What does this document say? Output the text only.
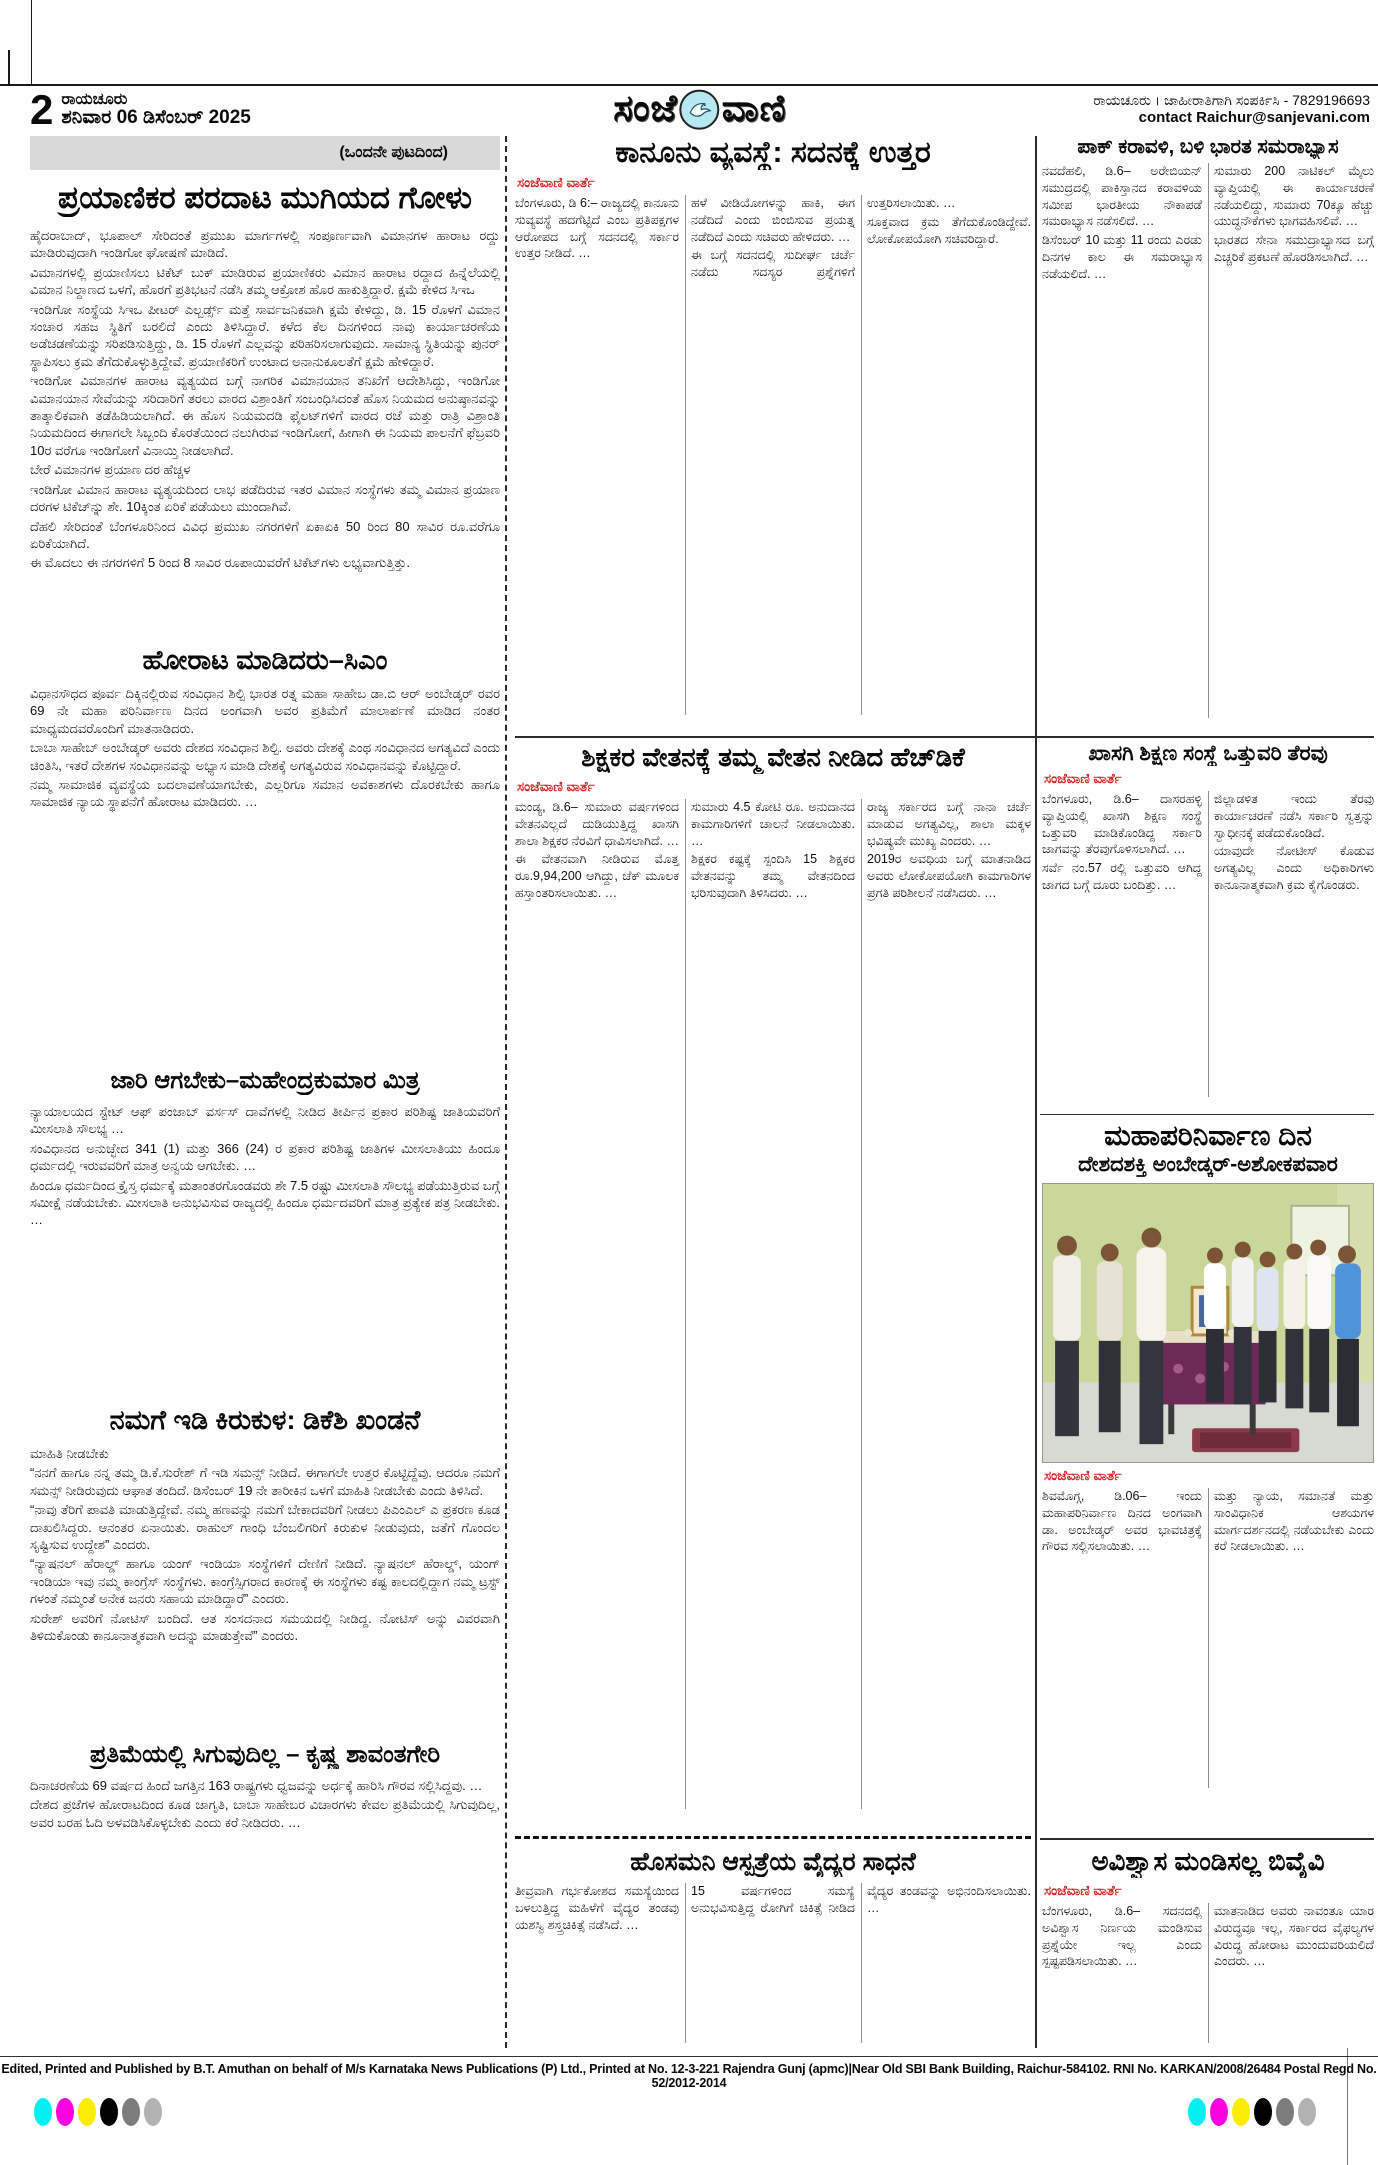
2 ರಾಯಚೂರು
ಶನಿವಾರ 06 ಡಿಸೆಂಬರ್ 2025	ಸಂಜೆ ವಾಣಿ	ರಾಯಚೂರು । ಜಾಹೀರಾತಿಗಾಗಿ ಸಂಪರ್ಕಿಸಿ - 7829196693
contact Raichur@sanjevani.com
(ಒಂದನೇ ಪುಟದಿಂದ)
ಪ್ರಯಾಣಿಕರ ಪರದಾಟ ಮುಗಿಯದ ಗೋಳು

ಹೈದರಾಬಾದ್, ಭೂಪಾಲ್ ಸೇರಿದಂತೆ ಪ್ರಮುಖ ಮಾರ್ಗಗಳಲ್ಲಿ ಸಂಪೂರ್ಣವಾಗಿ ವಿಮಾನಗಳ ಹಾರಾಟ ರದ್ದು ಮಾಡಿರುವುದಾಗಿ ಇಂಡಿಗೋ ಘೋಷಣೆ ಮಾಡಿದೆ.

ವಿಮಾನಗಳಲ್ಲಿ ಪ್ರಯಾಣಿಸಲು ಟಿಕೆಟ್ ಬುಕ್ ಮಾಡಿರುವ ಪ್ರಯಾಣಿಕರು ವಿಮಾನ ಹಾರಾಟ ರದ್ದಾದ ಹಿನ್ನೆಲೆಯಲ್ಲಿ ವಿಮಾನ ನಿಲ್ದಾಣದ ಒಳಗೆ, ಹೊರಗೆ ಪ್ರತಿಭಟನೆ ನಡೆಸಿ ತಮ್ಮ ಆಕ್ರೋಶ ಹೊರ ಹಾಕುತ್ತಿದ್ದಾರೆ. ಕ್ಷಮೆ ಕೇಳಿದ ಸಿಇಒ

ಇಂಡಿಗೋ ಸಂಸ್ಥೆಯ ಸಿಇಒ ಪೀಟರ್ ಎಲ್ಬರ್ಡ್ಸ್ ಮತ್ತೆ ಸಾರ್ವಜನಿಕವಾಗಿ ಕ್ಷಮೆ ಕೇಳಿದ್ದು, ಡಿ. 15 ರೊಳಗೆ ವಿಮಾನ ಸಂಚಾರ ಸಹಜ ಸ್ಥಿತಿಗೆ ಬರಲಿದೆ ಎಂದು ತಿಳಿಸಿದ್ದಾರೆ. ಕಳೆದ ಕೆಲ ದಿನಗಳಿಂದ ನಾವು ಕಾರ್ಯಾಚರಣೆಯ ಅಡೆಚಡಣೆಯನ್ನು ಸರಿಪಡಿಸುತ್ತಿದ್ದು, ಡಿ. 15 ರೊಳಗೆ ಎಲ್ಲವನ್ನು ಪರಿಹರಿಸಲಾಗುವುದು. ಸಾಮಾನ್ಯ ಸ್ಥಿತಿಯನ್ನು ಪುನರ್ ಸ್ಥಾಪಿಸಲು ಕ್ರಮ ತೆಗೆದುಕೊಳ್ಳುತ್ತಿದ್ದೇವೆ. ಪ್ರಯಾಣಿಕರಿಗೆ ಉಂಟಾದ ಅನಾನುಕೂಲತೆಗೆ ಕ್ಷಮೆ ಹೇಳಿದ್ದಾರೆ.

ಇಂಡಿಗೋ ವಿಮಾನಗಳ ಹಾರಾಟ ವ್ಯತ್ಯಯದ ಬಗ್ಗೆ ನಾಗರಿಕ ವಿಮಾನಯಾನ ತನಿಖೆಗೆ ಆದೇಶಿಸಿದ್ದು, ಇಂಡಿಗೋ ವಿಮಾನಯಾನ ಸೇವೆಯನ್ನು ಸರಿದಾರಿಗೆ ತರಲು ವಾರದ ವಿಶ್ರಾಂತಿಗೆ ಸಂಬಂಧಿಸಿದಂತೆ ಹೊಸ ನಿಯಮದ ಅನುಷ್ಠಾನವನ್ನು ತಾತ್ಕಾಲಿಕವಾಗಿ ತಡೆಹಿಡಿಯಲಾಗಿದೆ. ಈ ಹೊಸ ನಿಯಮದಡಿ ಫೈಲಟ್‌ಗಳಿಗೆ ವಾರದ ರಜೆ ಮತ್ತು ರಾತ್ರಿ ವಿಶ್ರಾಂತಿ ನಿಯಮದಿಂದ ಈಗಾಗಲೇ ಸಿಬ್ಬಂದಿ ಕೊರತೆಯಿಂದ ನಲುಗಿರುವ ಇಂಡಿಗೋಗೆ, ಹೀಗಾಗಿ ಈ ನಿಯಮ ಪಾಲನೆಗೆ ಫೆಬ್ರವರಿ 10ರ ವರೆಗೂ ಇಂಡಿಗೋಗೆ ವಿನಾಯ್ತಿ ನೀಡಲಾಗಿದೆ.

ಬೇರೆ ವಿಮಾನಗಳ ಪ್ರಯಾಣ ದರ ಹೆಚ್ಚಳ

ಇಂಡಿಗೋ ವಿಮಾನ ಹಾರಾಟ ವ್ಯತ್ಯಯದಿಂದ ಲಾಭ ಪಡೆದಿರುವ ಇತರ ವಿಮಾನ ಸಂಸ್ಥೆಗಳು ತಮ್ಮ ವಿಮಾನ ಪ್ರಯಾಣ ದರಗಳ ಟಿಕೆಚ್‌ನ್ನು ಶೇ. 10ಕ್ಕಿಂತ ಏರಿಕೆ ಪಡೆಯಲು ಮುಂದಾಗಿವೆ.

ದೆಹಲಿ ಸೇರಿದಂತೆ ಬೆಂಗಳೂರಿನಿಂದ ವಿವಿಧ ಪ್ರಮುಖ ನಗರಗಳಿಗೆ ಏಕಾಏಕಿ 50 ರಿಂದ 80 ಸಾವಿರ ರೂ.ವರೆಗೂ ಏರಿಕೆಯಾಗಿದೆ.

ಈ ಮೊದಲು ಈ ನಗರಗಳಿಗೆ 5 ರಿಂದ 8 ಸಾವಿರ ರೂಪಾಯಿವರೆಗೆ ಟಿಕೆಟ್‌ಗಳು ಲಭ್ಯವಾಗುತ್ತಿತ್ತು.

ಹೋರಾಟ ಮಾಡಿದರು–ಸಿಎಂ

ವಿಧಾನಸೌಧದ ಪೂರ್ವ ದಿಕ್ಕಿನಲ್ಲಿರುವ ಸಂವಿಧಾನ ಶಿಲ್ಪಿ ಭಾರತ ರತ್ನ ಮಹಾ ಸಾಹೇಬ ಡಾ.ಬಿ ಆರ್ ಅಂಬೇಡ್ಕರ್ ರವರ 69 ನೇ ಮಹಾ ಪರಿನಿರ್ವಾಣ ದಿನದ ಅಂಗವಾಗಿ ಅವರ ಪ್ರತಿಮೆಗೆ ಮಾಲಾರ್ಪಣೆ ಮಾಡಿದ ನಂತರ ಮಾಧ್ಯಮದವರೊಂದಿಗೆ ಮಾತನಾಡಿದರು.

ಬಾಬಾ ಸಾಹೇಬ್ ಅಂಬೇಡ್ಕರ್ ಅವರು ದೇಶದ ಸಂವಿಧಾನ ಶಿಲ್ಪಿ. ಅವರು ದೇಶಕ್ಕೆ ಎಂಥ ಸಂವಿಧಾನದ ಅಗತ್ಯವಿದೆ ಎಂದು ಚಿಂತಿಸಿ, ಇತರೆ ದೇಶಗಳ ಸಂವಿಧಾನವನ್ನು ಅಭ್ಯಾಸ ಮಾಡಿ ದೇಶಕ್ಕೆ ಅಗತ್ಯವಿರುವ ಸಂವಿಧಾನವನ್ನು ಕೊಟ್ಟಿದ್ದಾರೆ.

ನಮ್ಮ ಸಾಮಾಜಿಕ ವ್ಯವಸ್ಥೆಯ ಬದಲಾವಣೆಯಾಗಬೇಕು, ಎಲ್ಲರಿಗೂ ಸಮಾನ ಅವಕಾಶಗಳು ದೊರಕಬೇಕು ಹಾಗೂ ಸಾಮಾಜಿಕ ನ್ಯಾಯ ಸ್ಥಾಪನೆಗೆ ಹೋರಾಟ ಮಾಡಿದರು. …

ಜಾರಿ ಆಗಬೇಕು–ಮಹೇಂದ್ರಕುಮಾರ ಮಿತ್ರ

ನ್ಯಾಯಾಲಯದ ಸ್ಟೇಟ್ ಆಫ್ ಪಂಜಾಬ್ ವರ್ಸಸ್ ದಾವೆಗಳಲ್ಲಿ ನೀಡಿದ ತೀರ್ಪಿನ ಪ್ರಕಾರ ಪರಿಶಿಷ್ಟ ಜಾತಿಯವರಿಗೆ ಮೀಸಲಾತಿ ಸೌಲಭ್ಯ …

ಸಂವಿಧಾನದ ಅನುಚ್ಛೇದ 341 (1) ಮತ್ತು 366 (24) ರ ಪ್ರಕಾರ ಪರಿಶಿಷ್ಟ ಜಾತಿಗಳ ಮೀಸಲಾತಿಯು ಹಿಂದೂ ಧರ್ಮದಲ್ಲಿ ಇರುವವರಿಗೆ ಮಾತ್ರ ಅನ್ವಯ ಆಗಬೇಕು. …

ಹಿಂದೂ ಧರ್ಮದಿಂದ ಕ್ರೈಸ್ತ ಧರ್ಮಕ್ಕೆ ಮತಾಂತರಗೊಂಡವರು ಶೇ 7.5 ರಷ್ಟು ಮೀಸಲಾತಿ ಸೌಲಭ್ಯ ಪಡೆಯುತ್ತಿರುವ ಬಗ್ಗೆ ಸಮೀಕ್ಷೆ ನಡೆಯಬೇಕು. ಮೀಸಲಾತಿ ಅನುಭವಿಸುವ ರಾಜ್ಯದಲ್ಲಿ ಹಿಂದೂ ಧರ್ಮದವರಿಗೆ ಮಾತ್ರ ಪ್ರತ್ಯೇಕ ಪತ್ರ ನೀಡಬೇಕು. …

ನಮಗೆ ಇಡಿ ಕಿರುಕುಳ: ಡಿಕೆಶಿ ಖಂಡನೆ

ಮಾಹಿತಿ ನೀಡಬೇಕು

“ನನಗೆ ಹಾಗೂ ನನ್ನ ತಮ್ಮ ಡಿ.ಕೆ.ಸುರೇಶ್ ಗೆ ಇಡಿ ಸಮನ್ಸ್ ನೀಡಿದೆ. ಈಗಾಗಲೇ ಉತ್ತರ ಕೊಟ್ಟಿದ್ದೆವು. ಆದರೂ ನಮಗೆ ಸಮನ್ಸ್ ನೀಡಿರುವುದು ಆಘಾತ ತಂದಿದೆ. ಡಿಸೆಂಬರ್ 19 ನೇ ತಾರೀಕಿನ ಒಳಗೆ ಮಾಹಿತಿ ನೀಡಬೇಕು ಎಂದು ತಿಳಿಸಿದೆ.

“ನಾವು ತೆರಿಗೆ ಪಾವತಿ ಮಾಡುತ್ತಿದ್ದೇವೆ. ನಮ್ಮ ಹಣವನ್ನು ನಮಗೆ ಬೇಕಾದವರಿಗೆ ನೀಡಲು ಪಿಎಂಎಲ್ ಎ ಪ್ರಕರಣ ಕೂಡ ದಾಖಲಿಸಿದ್ದರು. ಆನಂತರ ಏನಾಯಿತು. ರಾಹುಲ್ ಗಾಂಧಿ ಬೆಂಬಲಿಗರಿಗೆ ಕಿರುಕುಳ ನೀಡುವುದು, ಜತೆಗೆ ಗೊಂದಲ ಸೃಷ್ಟಿಸುವ ಉದ್ದೇಶ” ಎಂದರು.

“ನ್ಯಾಷನಲ್ ಹೆರಾಲ್ಡ್ ಹಾಗೂ ಯಂಗ್ ಇಂಡಿಯಾ ಸಂಸ್ಥೆಗಳಿಗೆ ದೇಣಿಗೆ ನೀಡಿದೆ. ನ್ಯಾಷನಲ್ ಹೆರಾಲ್ಡ್, ಯಂಗ್ ಇಂಡಿಯಾ ಇವು ನಮ್ಮ ಕಾಂಗ್ರೆಸ್ ಸಂಸ್ಥೆಗಳು. ಕಾಂಗ್ರೆಸ್ಸಿಗರಾದ ಕಾರಣಕ್ಕೆ ಈ ಸಂಸ್ಥೆಗಳು ಕಷ್ಟ ಕಾಲದಲ್ಲಿದ್ದಾಗ ನಮ್ಮ ಟ್ರಸ್ಟ್ ಗಳಂತೆ ನಮ್ಮಂತೆ ಅನೇಕ ಜನರು ಸಹಾಯ ಮಾಡಿದ್ದಾರೆ” ಎಂದರು.

ಸುರೇಶ್ ಅವರಿಗೆ ನೋಟಿಸ್ ಬಂದಿದೆ. ಆತ ಸಂಸದನಾದ ಸಮಯದಲ್ಲಿ ನೀಡಿದ್ದ. ನೋಟಿಸ್ ಅನ್ನು ವಿವರವಾಗಿ ತಿಳಿದುಕೊಂಡು ಕಾನೂನಾತ್ಮಕವಾಗಿ ಅದನ್ನು ಮಾಡುತ್ತೇವೆ” ಎಂದರು.

ಪ್ರತಿಮೆಯಲ್ಲಿ ಸಿಗುವುದಿಲ್ಲ – ಕೃಷ್ಣ ಶಾವಂತಗೇರಿ

ದಿನಾಚರಣೆಯ 69 ವರ್ಷದ ಹಿಂದೆ ಜಗತ್ತಿನ 163 ರಾಷ್ಟ್ರಗಳು ಧ್ವಜವನ್ನು ಅರ್ಧಕ್ಕೆ ಹಾರಿಸಿ ಗೌರವ ಸಲ್ಲಿಸಿದ್ದವು. …

ದೇಶದ ಪ್ರಜೆಗಳ ಹೋರಾಟದಿಂದ ಕೂಡ ಜಾಗೃತಿ, ಬಾಬಾ ಸಾಹೇಬರ ವಿಚಾರಗಳು ಕೇವಲ ಪ್ರತಿಮೆಯಲ್ಲಿ ಸಿಗುವುದಿಲ್ಲ, ಅವರ ಬರಹ ಓದಿ ಅಳವಡಿಸಿಕೊಳ್ಳಬೇಕು ಎಂದು ಕರೆ ನೀಡಿದರು. …

ಕಾನೂನು ವ್ಯವಸ್ಥೆ: ಸದನಕ್ಕೆ ಉತ್ತರ
ಸಂಜೆವಾಣಿ ವಾರ್ತೆ

ಬೆಂಗಳೂರು, ಡಿ 6:– ರಾಜ್ಯದಲ್ಲಿ ಕಾನೂನು ಸುವ್ಯವಸ್ಥೆ ಹದಗೆಟ್ಟಿದೆ ಎಂಬ ಪ್ರತಿಪಕ್ಷಗಳ ಆರೋಪದ ಬಗ್ಗೆ ಸದನದಲ್ಲಿ ಸರ್ಕಾರ ಉತ್ತರ ನೀಡಿದೆ. …

ಹಳೆ ವೀಡಿಯೋಗಳನ್ನು ಹಾಕಿ, ಈಗ ನಡೆದಿದೆ ಎಂದು ಬಿಂಬಿಸುವ ಪ್ರಯತ್ನ ನಡೆದಿದೆ ಎಂದು ಸಚಿವರು ಹೇಳಿದರು. …

ಈ ಬಗ್ಗೆ ಸದನದಲ್ಲಿ ಸುದೀರ್ಘ ಚರ್ಚೆ ನಡೆದು ಸದಸ್ಯರ ಪ್ರಶ್ನೆಗಳಿಗೆ ಉತ್ತರಿಸಲಾಯಿತು. …

ಸೂಕ್ತವಾದ ಕ್ರಮ ತೆಗೆದುಕೊಂಡಿದ್ದೇವೆ. ಲೋಕೋಪಯೋಗಿ ಸಚಿವರಿದ್ದಾರೆ.

ಪಾಕ್ ಕರಾವಳಿ, ಬಳಿ ಭಾರತ ಸಮರಾಭ್ಯಾಸ

ನವದೆಹಲಿ, ಡಿ.6– ಅರೇಬಿಯನ್ ಸಮುದ್ರದಲ್ಲಿ ಪಾಕಿಸ್ತಾನದ ಕರಾವಳಿಯ ಸಮೀಪ ಭಾರತೀಯ ನೌಕಾಪಡೆ ಸಮರಾಭ್ಯಾಸ ನಡೆಸಲಿದೆ. …

ಡಿಸೆಂಬರ್ 10 ಮತ್ತು 11 ರಂದು ಎರಡು ದಿನಗಳ ಕಾಲ ಈ ಸಮರಾಭ್ಯಾಸ ನಡೆಯಲಿದೆ. …

ಸುಮಾರು 200 ನಾಟಿಕಲ್ ಮೈಲು ವ್ಯಾಪ್ತಿಯಲ್ಲಿ ಈ ಕಾರ್ಯಾಚರಣೆ ನಡೆಯಲಿದ್ದು, ಸುಮಾರು 70ಕ್ಕೂ ಹೆಚ್ಚು ಯುದ್ಧನೌಕೆಗಳು ಭಾಗವಹಿಸಲಿವೆ. …

ಭಾರತದ ಸೇನಾ ಸಮುದ್ರಾಭ್ಯಾಸದ ಬಗ್ಗೆ ಎಚ್ಚರಿಕೆ ಪ್ರಕಟಣೆ ಹೊರಡಿಸಲಾಗಿದೆ. …

ಶಿಕ್ಷಕರ ವೇತನಕ್ಕೆ ತಮ್ಮ ವೇತನ ನೀಡಿದ ಹೆಚ್‌ಡಿಕೆ
ಸಂಜೆವಾಣಿ ವಾರ್ತೆ

ಮಂಡ್ಯ, ಡಿ.6– ಸುಮಾರು ವರ್ಷಗಳಿಂದ ವೇತನವಿಲ್ಲದೆ ದುಡಿಯುತ್ತಿದ್ದ ಖಾಸಗಿ ಶಾಲಾ ಶಿಕ್ಷಕರ ನೆರವಿಗೆ ಧಾವಿಸಲಾಗಿದೆ. …

ಈ ವೇತನವಾಗಿ ನೀಡಿರುವ ಮೊತ್ತ ರೂ.9,94,200 ಆಗಿದ್ದು, ಚೆಕ್ ಮೂಲಕ ಹಸ್ತಾಂತರಿಸಲಾಯಿತು. …

ಸುಮಾರು 4.5 ಕೋಟಿ ರೂ. ಅನುದಾನದ ಕಾಮಗಾರಿಗಳಿಗೆ ಚಾಲನೆ ನೀಡಲಾಯಿತು. …

ಶಿಕ್ಷಕರ ಕಷ್ಟಕ್ಕೆ ಸ್ಪಂದಿಸಿ 15 ಶಿಕ್ಷಕರ ವೇತನವನ್ನು ತಮ್ಮ ವೇತನದಿಂದ ಭರಿಸುವುದಾಗಿ ತಿಳಿಸಿದರು. …

ರಾಜ್ಯ ಸರ್ಕಾರದ ಬಗ್ಗೆ ನಾನಾ ಚರ್ಚೆ ಮಾಡುವ ಅಗತ್ಯವಿಲ್ಲ, ಶಾಲಾ ಮಕ್ಕಳ ಭವಿಷ್ಯವೇ ಮುಖ್ಯ ಎಂದರು. …

2019ರ ಅವಧಿಯ ಬಗ್ಗೆ ಮಾತನಾಡಿದ ಅವರು ಲೋಕೋಪಯೋಗಿ ಕಾಮಗಾರಿಗಳ ಪ್ರಗತಿ ಪರಿಶೀಲನೆ ನಡೆಸಿದರು. …

ಖಾಸಗಿ ಶಿಕ್ಷಣ ಸಂಸ್ಥೆ ಒತ್ತುವರಿ ತೆರವು
ಸಂಜೆವಾಣಿ ವಾರ್ತೆ

ಬೆಂಗಳೂರು, ಡಿ.6– ದಾಸರಹಳ್ಳಿ ವ್ಯಾಪ್ತಿಯಲ್ಲಿ ಖಾಸಗಿ ಶಿಕ್ಷಣ ಸಂಸ್ಥೆ ಒತ್ತುವರಿ ಮಾಡಿಕೊಂಡಿದ್ದ ಸರ್ಕಾರಿ ಜಾಗವನ್ನು ತೆರವುಗೊಳಿಸಲಾಗಿದೆ. …

ಸರ್ವೆ ನಂ.57 ರಲ್ಲಿ ಒತ್ತುವರಿ ಆಗಿದ್ದ ಜಾಗದ ಬಗ್ಗೆ ದೂರು ಬಂದಿತ್ತು. …

ಜಿಲ್ಲಾಡಳಿತ ಇಂದು ತೆರವು ಕಾರ್ಯಾಚರಣೆ ನಡೆಸಿ ಸರ್ಕಾರಿ ಸ್ವತ್ತನ್ನು ಸ್ವಾಧೀನಕ್ಕೆ ಪಡೆದುಕೊಂಡಿದೆ.

ಯಾವುದೇ ನೋಟೀಸ್ ಕೊಡುವ ಅಗತ್ಯವಿಲ್ಲ ಎಂದು ಅಧಿಕಾರಿಗಳು ಕಾನೂನಾತ್ಮಕವಾಗಿ ಕ್ರಮ ಕೈಗೊಂಡರು.

ಮಹಾಪರಿನಿರ್ವಾಣ ದಿನ
ದೇಶದಶಕ್ತಿ ಅಂಬೇಡ್ಕರ್-ಅಶೋಕಪವಾರ
ಸಂಜೆವಾಣಿ ವಾರ್ತೆ

ಶಿವಮೊಗ್ಗ, ಡಿ.06– ಇಂದು ಮಹಾಪರಿನಿರ್ವಾಣ ದಿನದ ಅಂಗವಾಗಿ ಡಾ. ಅಂಬೇಡ್ಕರ್ ಅವರ ಭಾವಚಿತ್ರಕ್ಕೆ ಗೌರವ ಸಲ್ಲಿಸಲಾಯಿತು. …

ಮತ್ತು ನ್ಯಾಯ, ಸಮಾನತೆ ಮತ್ತು ಸಾಂವಿಧಾನಿಕ ಆಶಯಗಳ ಮಾರ್ಗದರ್ಶನದಲ್ಲಿ ನಡೆಯಬೇಕು ಎಂದು ಕರೆ ನೀಡಲಾಯಿತು. …

ಹೊಸಮನಿ ಆಸ್ಪತ್ರೆಯ ವೈದ್ಯರ ಸಾಧನೆ

ತೀವ್ರವಾಗಿ ಗರ್ಭಕೋಶದ ಸಮಸ್ಯೆಯಿಂದ ಬಳಲುತ್ತಿದ್ದ ಮಹಿಳೆಗೆ ವೈದ್ಯರ ತಂಡವು ಯಶಸ್ವಿ ಶಸ್ತ್ರಚಿಕಿತ್ಸೆ ನಡೆಸಿದೆ. …

15 ವರ್ಷಗಳಿಂದ ಸಮಸ್ಯೆ ಅನುಭವಿಸುತ್ತಿದ್ದ ರೋಗಿಗೆ ಚಿಕಿತ್ಸೆ ನೀಡಿದ ವೈದ್ಯರ ತಂಡವನ್ನು ಅಭಿನಂದಿಸಲಾಯಿತು. …

ಅವಿಶ್ವಾಸ ಮಂಡಿಸಲ್ಲ ಬಿವೈವಿ
ಸಂಜೆವಾಣಿ ವಾರ್ತೆ

ಬೆಂಗಳೂರು, ಡಿ.6– ಸದನದಲ್ಲಿ ಅವಿಶ್ವಾಸ ನಿರ್ಣಯ ಮಂಡಿಸುವ ಪ್ರಶ್ನೆಯೇ ಇಲ್ಲ ಎಂದು ಸ್ಪಷ್ಟಪಡಿಸಲಾಯಿತು. …

ಮಾತನಾಡಿದ ಅವರು ನಾವಂತೂ ಯಾರ ವಿರುದ್ಧವೂ ಇಲ್ಲ, ಸರ್ಕಾರದ ವೈಫಲ್ಯಗಳ ವಿರುದ್ಧ ಹೋರಾಟ ಮುಂದುವರಿಯಲಿದೆ ಎಂದರು. …

Edited, Printed and Published by B.T. Amuthan on behalf of M/s Karnataka News Publications (P) Ltd., Printed at No. 12-3-221 Rajendra Gunj (apmc)|Near Old SBI Bank Building, Raichur-584102. RNI No. KARKAN/2008/26484 Postal Regd No. 52/2012-2014
